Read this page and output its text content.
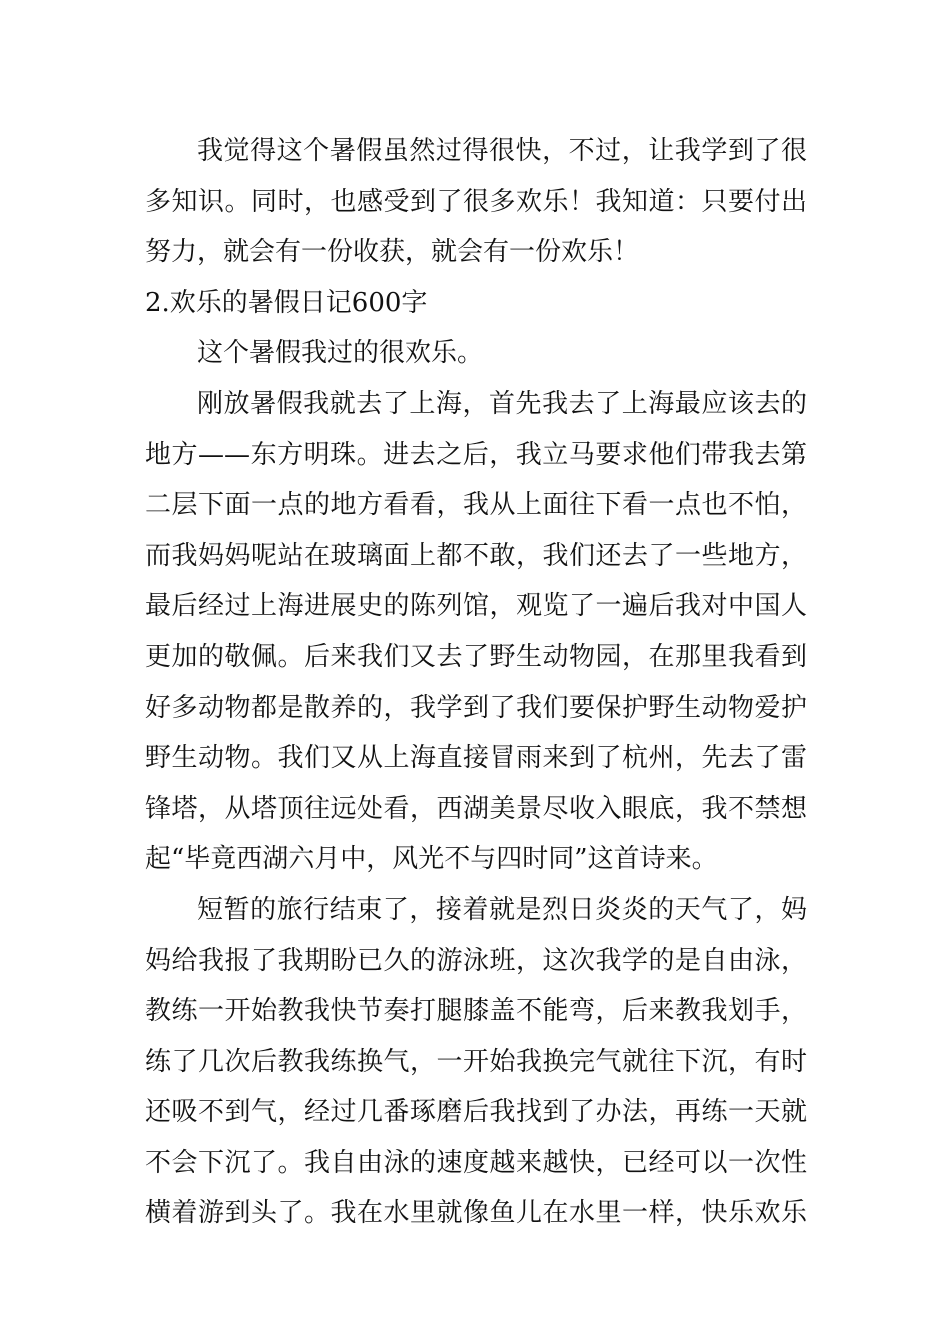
我觉得这个暑假虽然过得很快，不过，让我学到了很
多知识。同时，也感受到了很多欢乐！我知道：只要付出
努力，就会有一份收获，就会有一份欢乐！
2.欢乐的暑假日记600字
这个暑假我过的很欢乐。
刚放暑假我就去了上海，首先我去了上海最应该去的
地方——东方明珠。进去之后，我立马要求他们带我去第
二层下面一点的地方看看，我从上面往下看一点也不怕，
而我妈妈呢站在玻璃面上都不敢，我们还去了一些地方，
最后经过上海进展史的陈列馆，观览了一遍后我对中国人
更加的敬佩。后来我们又去了野生动物园，在那里我看到
好多动物都是散养的，我学到了我们要保护野生动物爱护
野生动物。我们又从上海直接冒雨来到了杭州，先去了雷
锋塔，从塔顶往远处看，西湖美景尽收入眼底，我不禁想
起“毕竟西湖六月中，风光不与四时同”这首诗来。
短暂的旅行结束了，接着就是烈日炎炎的天气了，妈
妈给我报了我期盼已久的游泳班，这次我学的是自由泳，
教练一开始教我快节奏打腿膝盖不能弯，后来教我划手，
练了几次后教我练换气，一开始我换完气就往下沉，有时
还吸不到气，经过几番琢磨后我找到了办法，再练一天就
不会下沉了。我自由泳的速度越来越快，已经可以一次性
横着游到头了。我在水里就像鱼儿在水里一样，快乐欢乐
